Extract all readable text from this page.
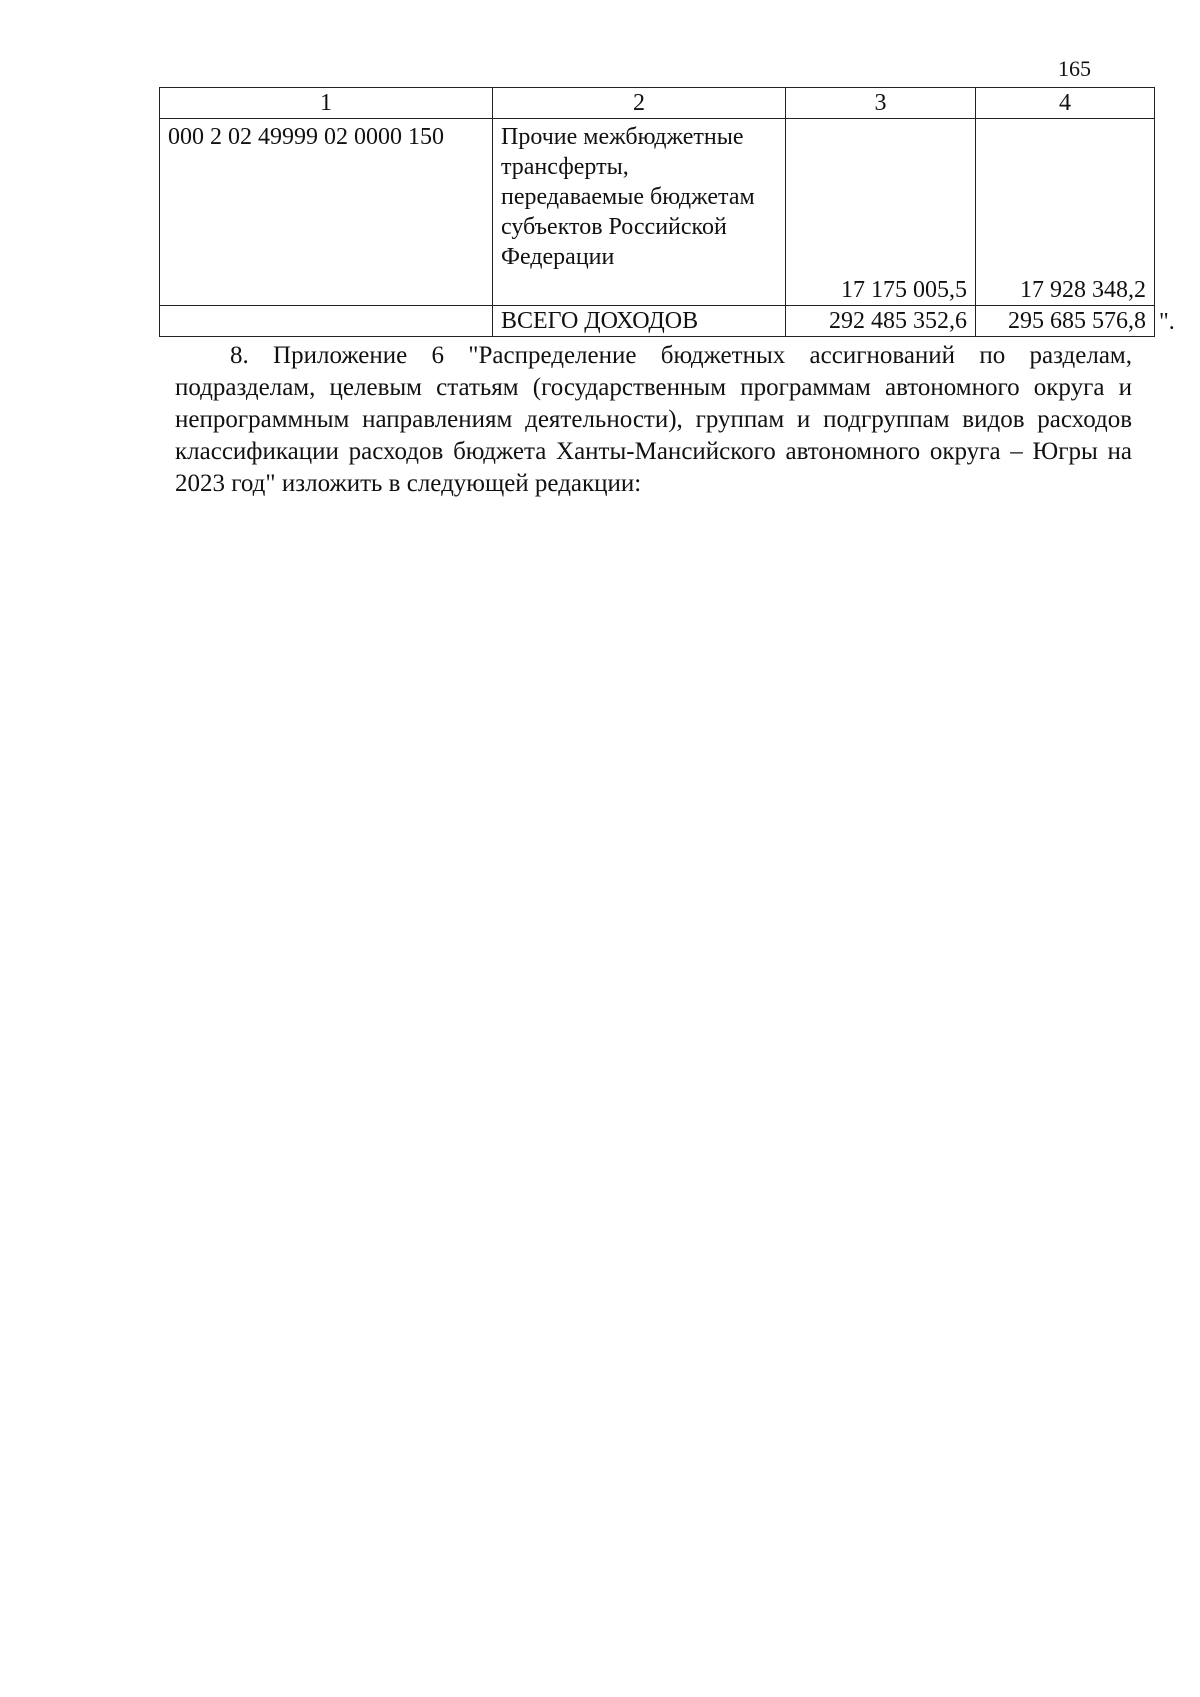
165
1	2	3	4
000 2 02 49999 02 0000 150	Прочие межбюджетные трансферты, передаваемые бюджетам субъектов Российской Федерации	17 175 005,5	17 928 348,2
	ВСЕГО ДОХОДОВ	292 485 352,6	295 685 576,8 ".

8. Приложение 6 "Распределение бюджетных ассигнований по разделам, подразделам, целевым статьям (государственным программам автономного округа и непрограммным направлениям деятельности), группам и подгруппам видов расходов классификации расходов бюджета Ханты-Мансийского автономного округа – Югры на 2023 год" изложить в следующей редакции:
